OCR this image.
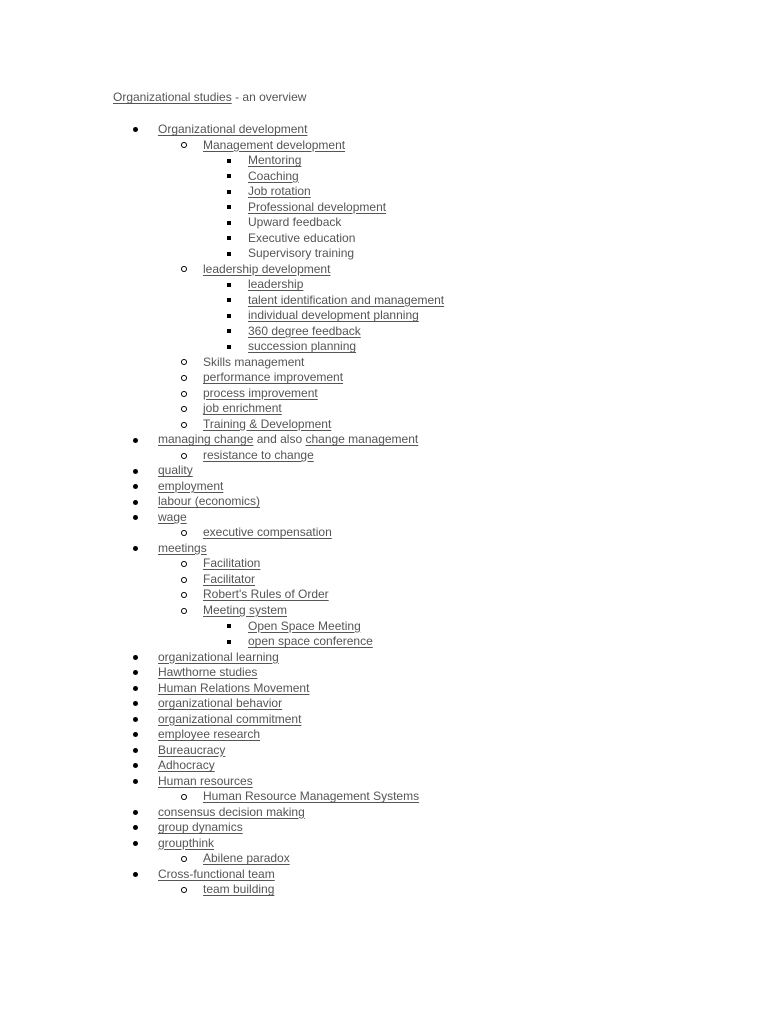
Organizational studies - an overview
Organizational development
Management development
Mentoring
Coaching
Job rotation
Professional development
Upward feedback
Executive education
Supervisory training
leadership development
leadership
talent identification and management
individual development planning
360 degree feedback
succession planning
Skills management
performance improvement
process improvement
job enrichment
Training & Development
managing change and also change management
resistance to change
quality
employment
labour (economics)
wage
executive compensation
meetings
Facilitation
Facilitator
Robert's Rules of Order
Meeting system
Open Space Meeting
open space conference
organizational learning
Hawthorne studies
Human Relations Movement
organizational behavior
organizational commitment
employee research
Bureaucracy
Adhocracy
Human resources
Human Resource Management Systems
consensus decision making
group dynamics
groupthink
Abilene paradox
Cross-functional team
team building
